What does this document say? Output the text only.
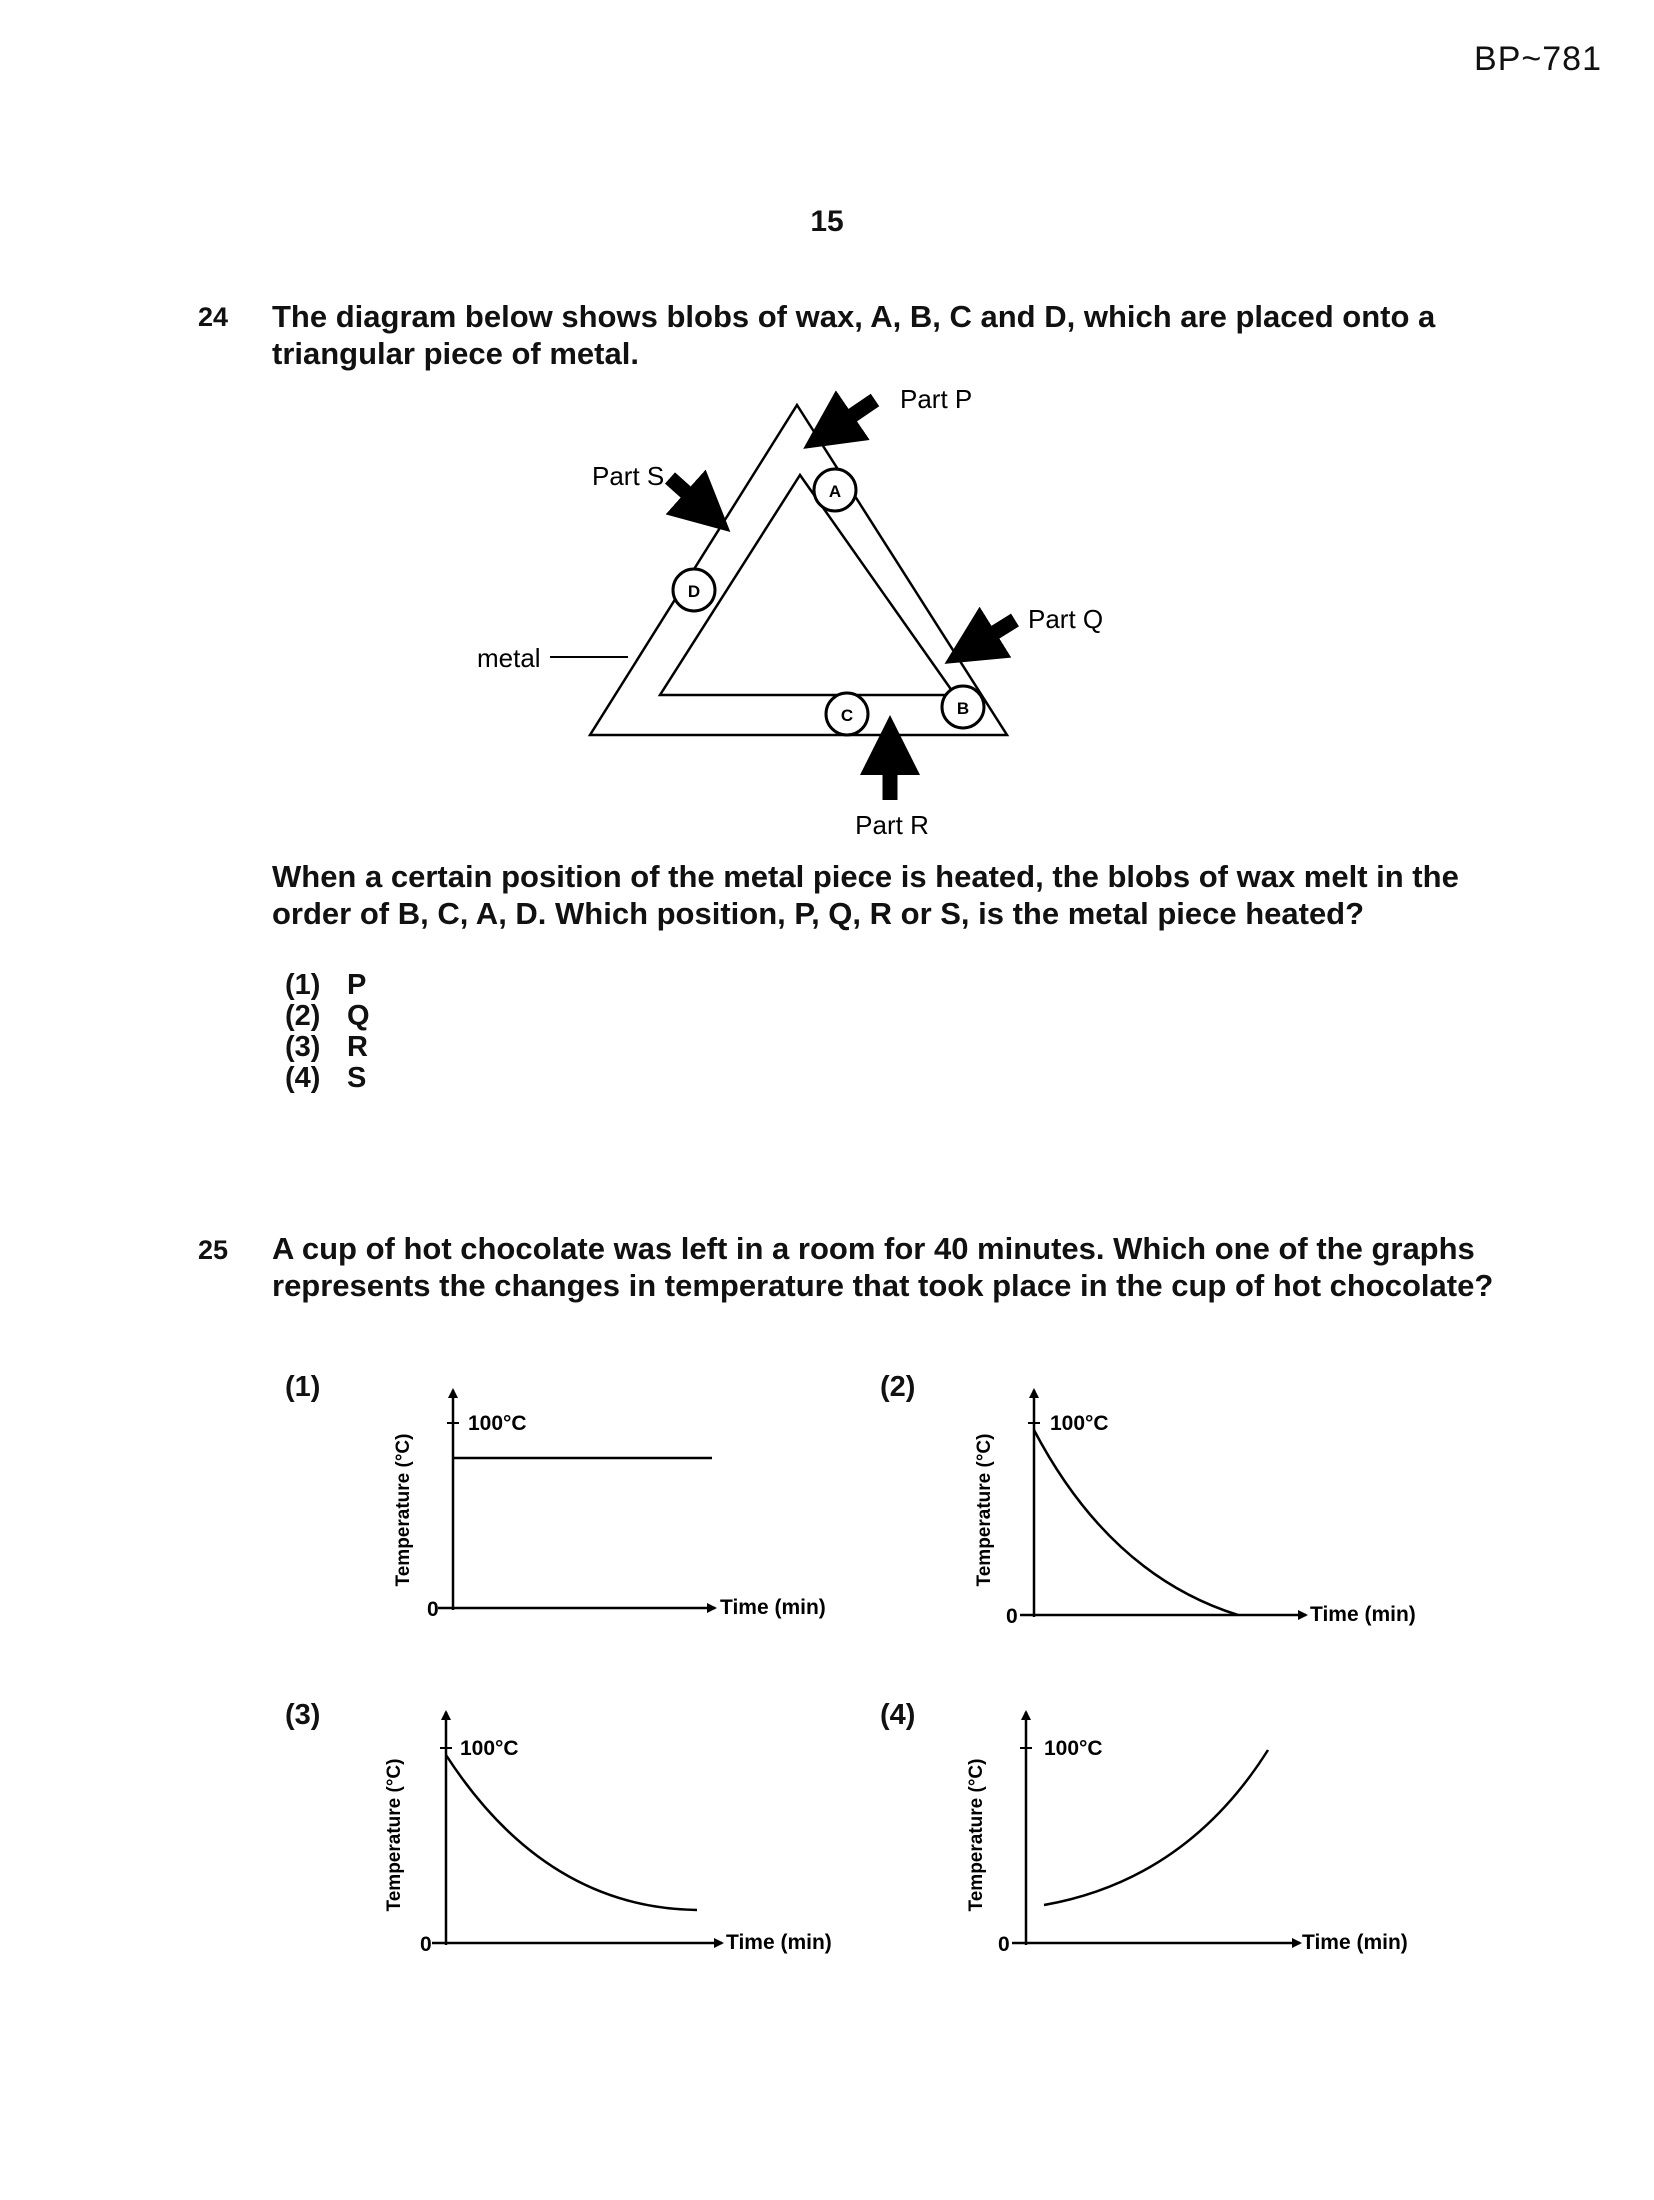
BP~781
15
24 The diagram below shows blobs of wax, A, B, C and D, which are placed onto a
triangular piece of metal.
A
D
C	B
Part P
Part S
Part Q
Part R
metal
When a certain position of the metal piece is heated, the blobs of wax melt in the
order of B, C, A, D. Which position, P, Q, R or S, is the metal piece heated?
(1) P
(2) Q
(3) R
(4) S
25 A cup of hot chocolate was left in a room for 40 minutes. Which one of the graphs
represents the changes in temperature that took place in the cup of hot chocolate?
(1)	(2)
(3)	(4)
100°C
0	Time (min)
Temperature (°C)
100°C
0	Time (min)
Temperature (°C)
100°C
0	Time (min)
Temperature (°C)
100°C
0	Time (min)
Temperature (°C)
